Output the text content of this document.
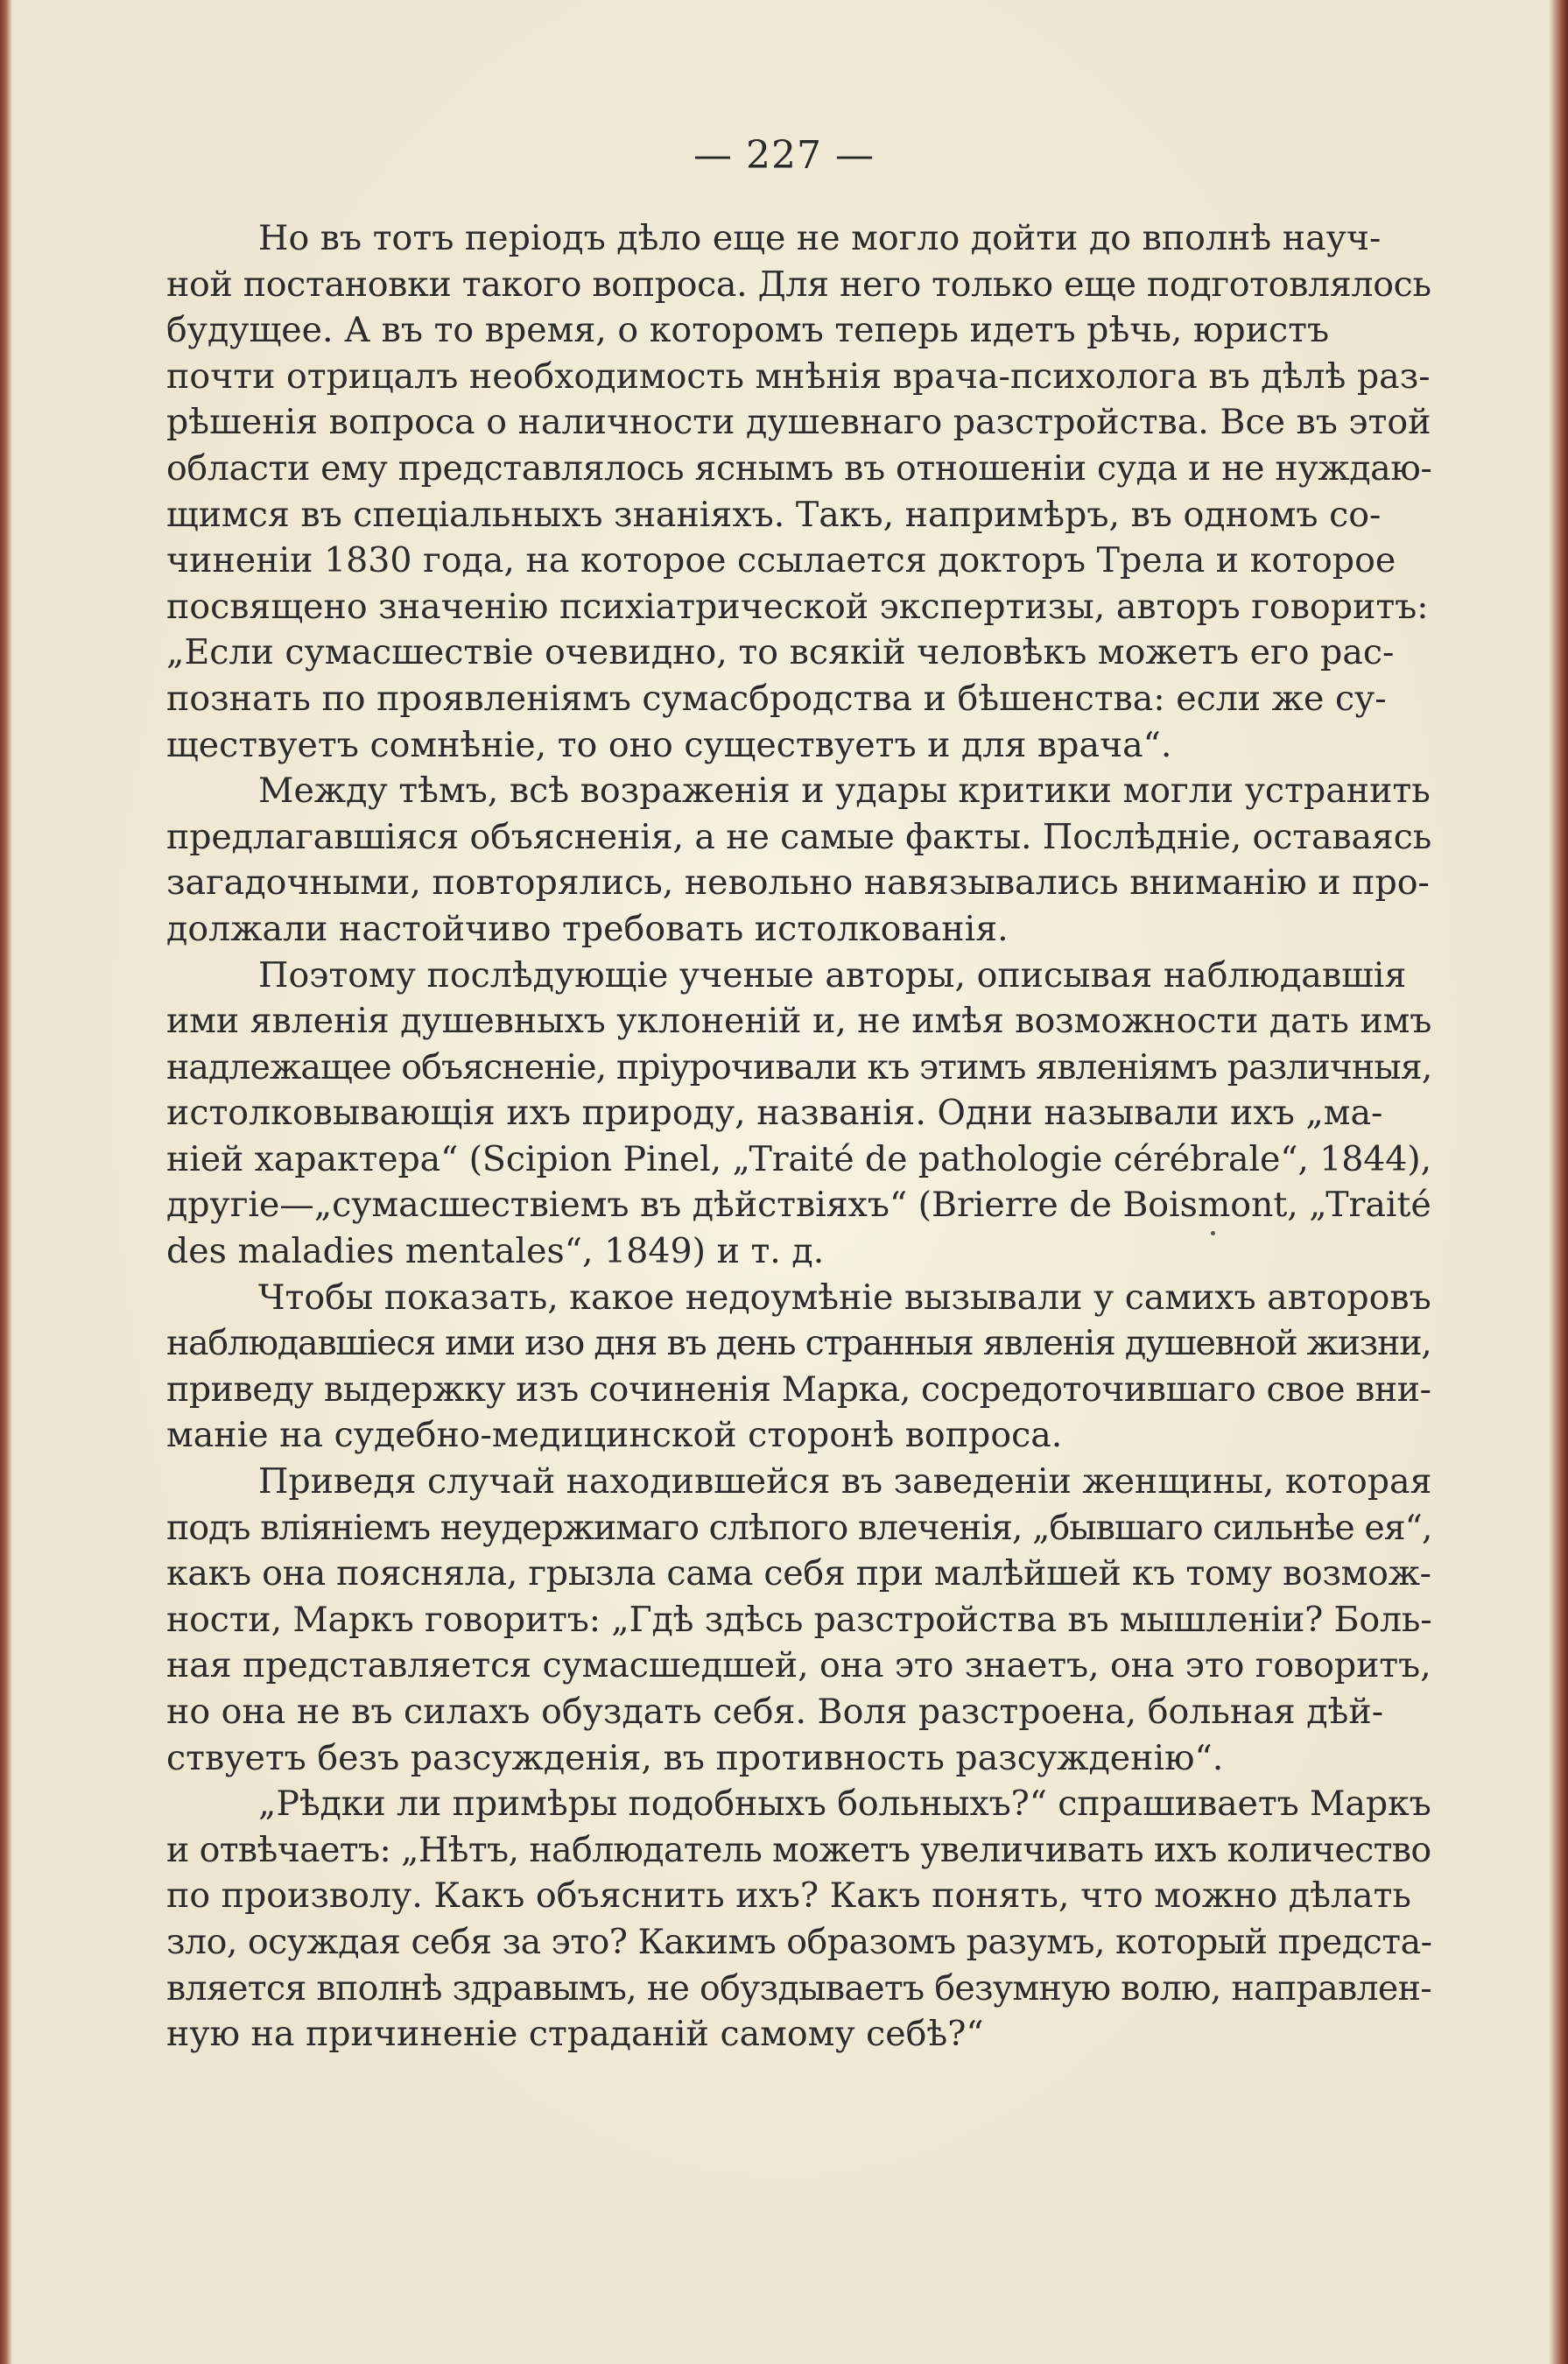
— 227 —
Но въ тотъ періодъ дѣло еще не могло дойти до вполнѣ науч-
ной постановки такого вопроса. Для него только еще подготовлялось
будущее. А въ то время, о которомъ теперь идетъ рѣчь, юристъ
почти отрицалъ необходимость мнѣнія врача-психолога въ дѣлѣ раз-
рѣшенія вопроса о наличности душевнаго разстройства. Все въ этой
области ему представлялось яснымъ въ отношеніи суда и не нуждаю-
щимся въ спеціальныхъ знаніяхъ. Такъ, напримѣръ, въ одномъ со-
чиненіи 1830 года, на которое ссылается докторъ Трела и которое
посвящено значенію психіатрической экспертизы, авторъ говоритъ:
„Если сумасшествіе очевидно, то всякій человѣкъ можетъ его рас-
познать по проявленіямъ сумасбродства и бѣшенства: если же су-
ществуетъ сомнѣніе, то оно существуетъ и для врача“.
Между тѣмъ, всѣ возраженія и удары критики могли устранить
предлагавшіяся объясненія, а не самые факты. Послѣдніе, оставаясь
загадочными, повторялись, невольно навязывались вниманію и про-
должали настойчиво требовать истолкованія.
Поэтому послѣдующіе ученые авторы, описывая наблюдавшія
ими явленія душевныхъ уклоненій и, не имѣя возможности дать имъ
надлежащее объясненіе, пріурочивали къ этимъ явленіямъ различныя,
истолковывающія ихъ природу, названія. Одни называли ихъ „ма-
ніей характера“ (Scipion Pinel, „Traité de pathologie cérébrale“, 1844),
другіе—„сумасшествіемъ въ дѣйствіяхъ“ (Brierre de Boismont, „Traité
des maladies mentales“, 1849) и т. д.
Чтобы показать, какое недоумѣніе вызывали у самихъ авторовъ
наблюдавшіеся ими изо дня въ день странныя явленія душевной жизни,
приведу выдержку изъ сочиненія Марка, сосредоточившаго свое вни-
маніе на судебно-медицинской сторонѣ вопроса.
Приведя случай находившейся въ заведеніи женщины, которая
подъ вліяніемъ неудержимаго слѣпого влеченія, „бывшаго сильнѣе ея“,
какъ она поясняла, грызла сама себя при малѣйшей къ тому возмож-
ности, Маркъ говоритъ: „Гдѣ здѣсь разстройства въ мышленіи? Боль-
ная представляется сумасшедшей, она это знаетъ, она это говоритъ,
но она не въ силахъ обуздать себя. Воля разстроена, больная дѣй-
ствуетъ безъ разсужденія, въ противность разсужденію“.
„Рѣдки ли примѣры подобныхъ больныхъ?“ спрашиваетъ Маркъ
и отвѣчаетъ: „Нѣтъ, наблюдатель можетъ увеличивать ихъ количество
по произволу. Какъ объяснить ихъ? Какъ понять, что можно дѣлать
зло, осуждая себя за это? Какимъ образомъ разумъ, который предста-
вляется вполнѣ здравымъ, не обуздываетъ безумную волю, направлен-
ную на причиненіе страданій самому себѣ?“
